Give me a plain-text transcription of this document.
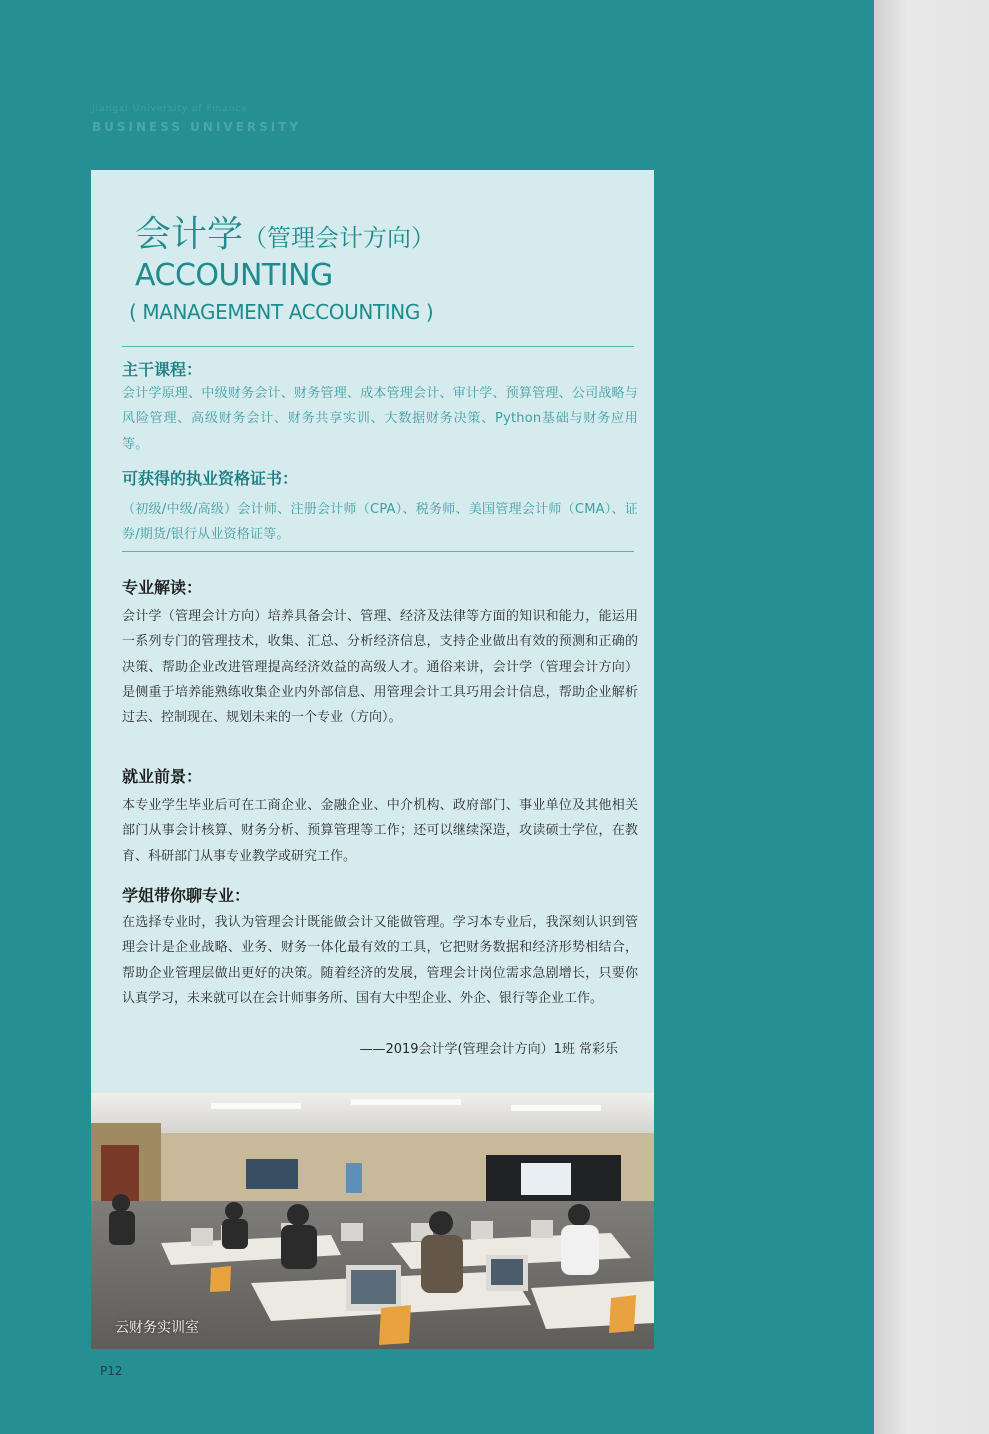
Jiangxi University of Finance
BUSINESS UNIVERSITY
会计学（管理会计方向）
ACCOUNTING
( MANAGEMENT ACCOUNTING )
主干课程：

会计学原理、中级财务会计、财务管理、成本管理会计、审计学、预算管理、公司战略与风险管理、高级财务会计、财务共享实训、大数据财务决策、Python基础与财务应用等。

可获得的执业资格证书：

（初级/中级/高级）会计师、注册会计师（CPA）、税务师、美国管理会计师（CMA）、证券/期货/银行从业资格证等。

专业解读：

会计学（管理会计方向）培养具备会计、管理、经济及法律等方面的知识和能力，能运用一系列专门的管理技术，收集、汇总、分析经济信息，支持企业做出有效的预测和正确的决策、帮助企业改进管理提高经济效益的高级人才。通俗来讲，会计学（管理会计方向）是侧重于培养能熟练收集企业内外部信息、用管理会计工具巧用会计信息，帮助企业解析过去、控制现在、规划未来的一个专业（方向）。

就业前景：

本专业学生毕业后可在工商企业、金融企业、中介机构、政府部门、事业单位及其他相关部门从事会计核算、财务分析、预算管理等工作；还可以继续深造，攻读硕士学位，在教育、科研部门从事专业教学或研究工作。

学姐带你聊专业：

在选择专业时，我认为管理会计既能做会计又能做管理。学习本专业后，我深刻认识到管理会计是企业战略、业务、财务一体化最有效的工具，它把财务数据和经济形势相结合，帮助企业管理层做出更好的决策。随着经济的发展，管理会计岗位需求急剧增长，只要你认真学习，未来就可以在会计师事务所、国有大中型企业、外企、银行等企业工作。

——2019会计学(管理会计方向）1班 常彩乐
云财务实训室
P12
